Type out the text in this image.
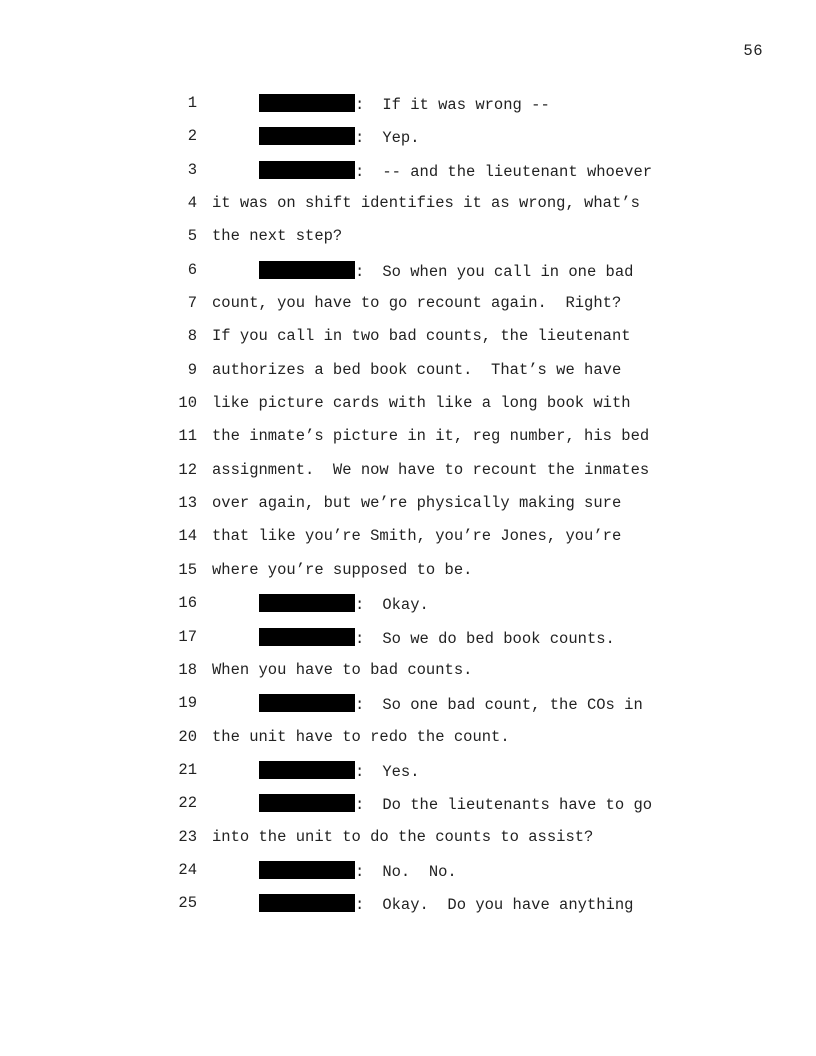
56
1	: If it was wrong --
2	: Yep.
3	: -- and the lieutenant whoever
4 it was on shift identifies it as wrong, what’s
5 the next step?
6	: So when you call in one bad
7 count, you have to go recount again.  Right?
8 If you call in two bad counts, the lieutenant
9 authorizes a bed book count.  That’s we have
10 like picture cards with like a long book with
11 the inmate’s picture in it, reg number, his bed
12 assignment.  We now have to recount the inmates
13 over again, but we’re physically making sure
14 that like you’re Smith, you’re Jones, you’re
15 where you’re supposed to be.
16	: Okay.
17	: So we do bed book counts.
18 When you have to bad counts.
19	: So one bad count, the COs in
20 the unit have to redo the count.
21	: Yes.
22	: Do the lieutenants have to go
23 into the unit to do the counts to assist?
24	: No.  No.
25	: Okay.  Do you have anything
